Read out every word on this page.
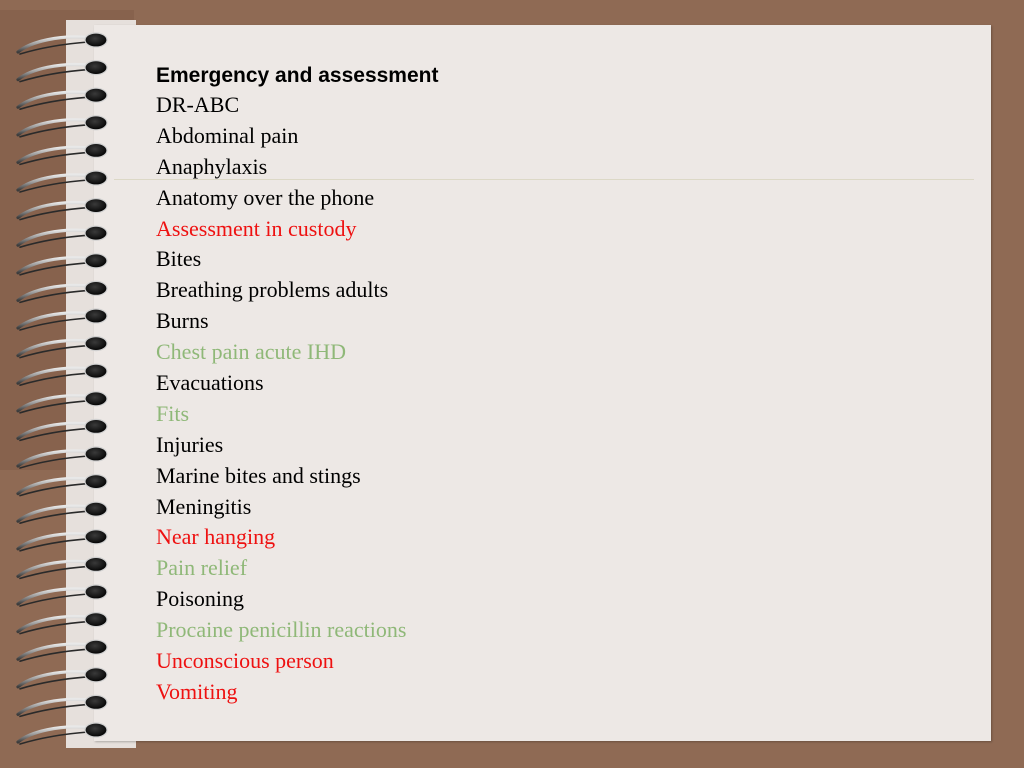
Emergency and assessment
DR-ABC
Abdominal pain
Anaphylaxis
Anatomy over the phone
Assessment in custody
Bites
Breathing problems adults
Burns
Chest pain acute IHD
Evacuations
Fits
Injuries
Marine bites and stings
Meningitis
Near hanging
Pain relief
Poisoning
Procaine penicillin reactions
Unconscious person
Vomiting
